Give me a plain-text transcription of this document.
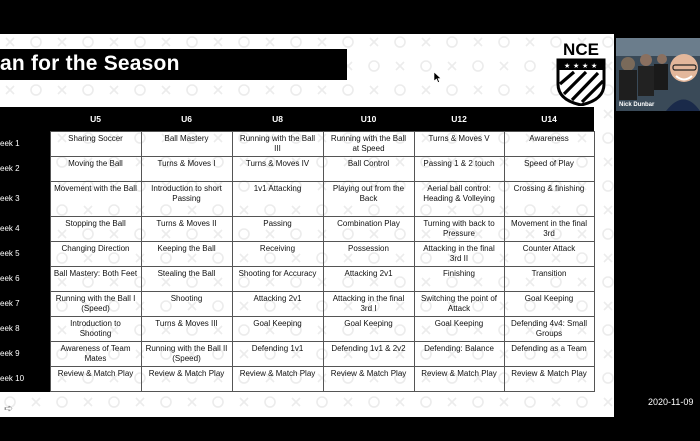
an for the Season
NCE
★ ★ ★ ★
	U5	U6	U8	U10	U12	U14
eek 1	Sharing Soccer	Ball Mastery	Running with the Ball III	Running with the Ball at Speed	Turns & Moves V	Awareness
eek 2	Moving the Ball	Turns & Moves I	Turns & Moves IV	Ball Control	Passing 1 & 2 touch	Speed of Play
eek 3	Movement with the Ball	Introduction to short Passing	1v1 Attacking	Playing out from the Back	Aerial ball control: Heading & Volleying	Crossing & finishing
eek 4	Stopping the Ball	Turns & Moves II	Passing	Combination Play	Turning with back to Pressure	Movement in the final 3rd
eek 5	Changing Direction	Keeping the Ball	Receiving	Possession	Attacking in the final 3rd II	Counter Attack
eek 6	Ball Mastery: Both Feet	Stealing the Ball	Shooting for Accuracy	Attacking 2v1	Finishing	Transition
eek 7	Running with the Ball I (Speed)	Shooting	Attacking 2v1	Attacking in the final 3rd I	Switching the point of Attack	Goal Keeping
eek 8	Introduction to Shooting	Turns & Moves III	Goal Keeping	Goal Keeping	Goal Keeping	Defending 4v4: Small Groups
eek 9	Awareness of Team Mates	Running with the Ball II (Speed)	Defending 1v1	Defending 1v1 & 2v2	Defending: Balance	Defending as a Team
eek 10	Review & Match Play	Review & Match Play	Review & Match Play	Review & Match Play	Review & Match Play	Review & Match Play
➪
Nick Dunbar
2020-11-09
